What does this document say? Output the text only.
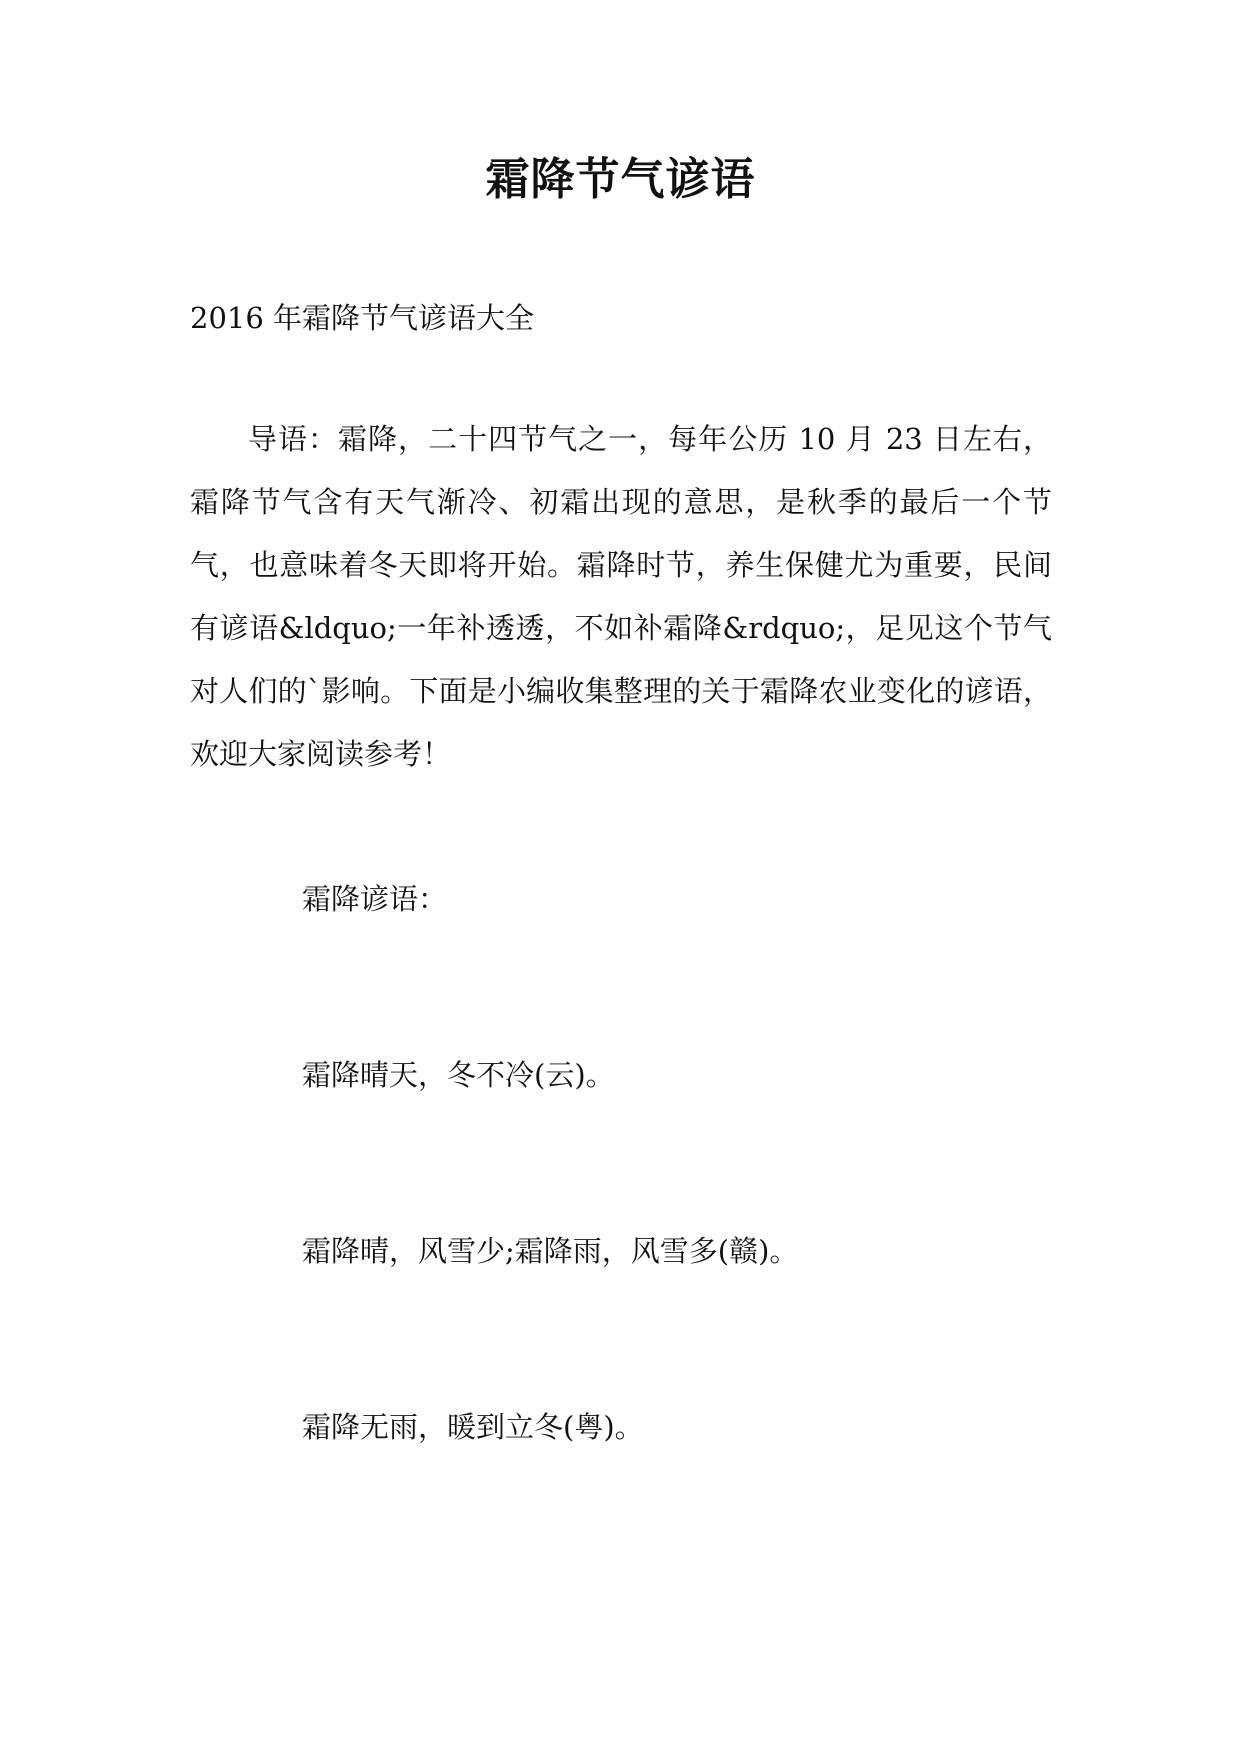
霜降节气谚语
2016 年霜降节气谚语大全

导语：霜降，二十四节气之一，每年公历 10 月 23 日左右，霜降节气含有天气渐冷、初霜出现的意思，是秋季的最后一个节气，也意味着冬天即将开始。霜降时节，养生保健尤为重要，民间有谚语&ldquo;一年补透透，不如补霜降&rdquo;，足见这个节气对人们的`影响。下面是小编收集整理的关于霜降农业变化的谚语，欢迎大家阅读参考！

霜降谚语：
霜降晴天，冬不冷(云)。
霜降晴，风雪少;霜降雨，风雪多(赣)。
霜降无雨，暖到立冬(粤)。
